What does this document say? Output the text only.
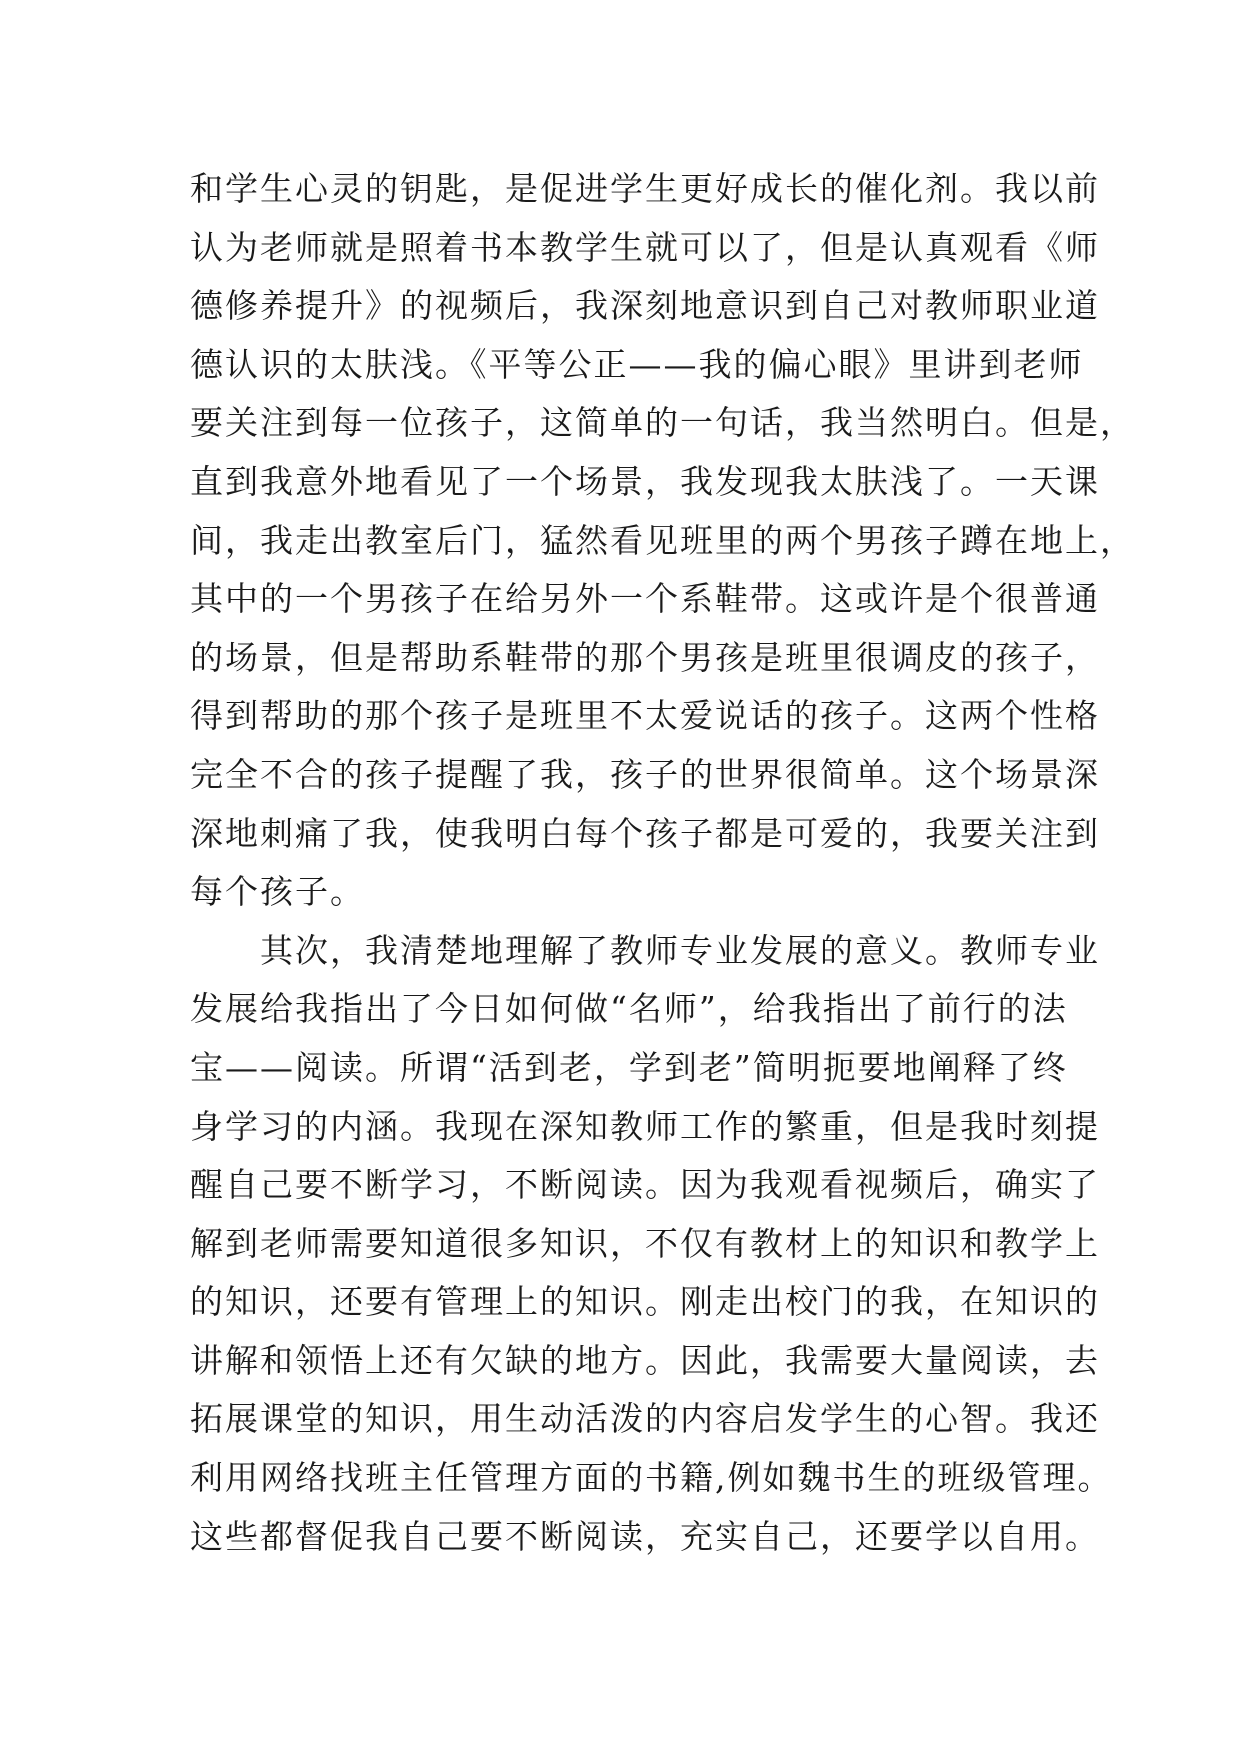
和学生心灵的钥匙，是促进学生更好成长的催化剂。我以前
认为老师就是照着书本教学生就可以了，但是认真观看《师
德修养提升》的视频后，我深刻地意识到自己对教师职业道
德认识的太肤浅。《平等公正——我的偏心眼》里讲到老师
要关注到每一位孩子，这简单的一句话，我当然明白。但是，
直到我意外地看见了一个场景，我发现我太肤浅了。一天课
间，我走出教室后门，猛然看见班里的两个男孩子蹲在地上，
其中的一个男孩子在给另外一个系鞋带。这或许是个很普通
的场景，但是帮助系鞋带的那个男孩是班里很调皮的孩子，
得到帮助的那个孩子是班里不太爱说话的孩子。这两个性格
完全不合的孩子提醒了我，孩子的世界很简单。这个场景深
深地刺痛了我，使我明白每个孩子都是可爱的，我要关注到
每个孩子。
其次，我清楚地理解了教师专业发展的意义。教师专业
发展给我指出了今日如何做“名师”，给我指出了前行的法
宝——阅读。所谓“活到老，学到老”简明扼要地阐释了终
身学习的内涵。我现在深知教师工作的繁重，但是我时刻提
醒自己要不断学习，不断阅读。因为我观看视频后，确实了
解到老师需要知道很多知识，不仅有教材上的知识和教学上
的知识，还要有管理上的知识。刚走出校门的我，在知识的
讲解和领悟上还有欠缺的地方。因此，我需要大量阅读，去
拓展课堂的知识，用生动活泼的内容启发学生的心智。我还
利用网络找班主任管理方面的书籍,例如魏书生的班级管理。
这些都督促我自己要不断阅读，充实自己，还要学以自用。
